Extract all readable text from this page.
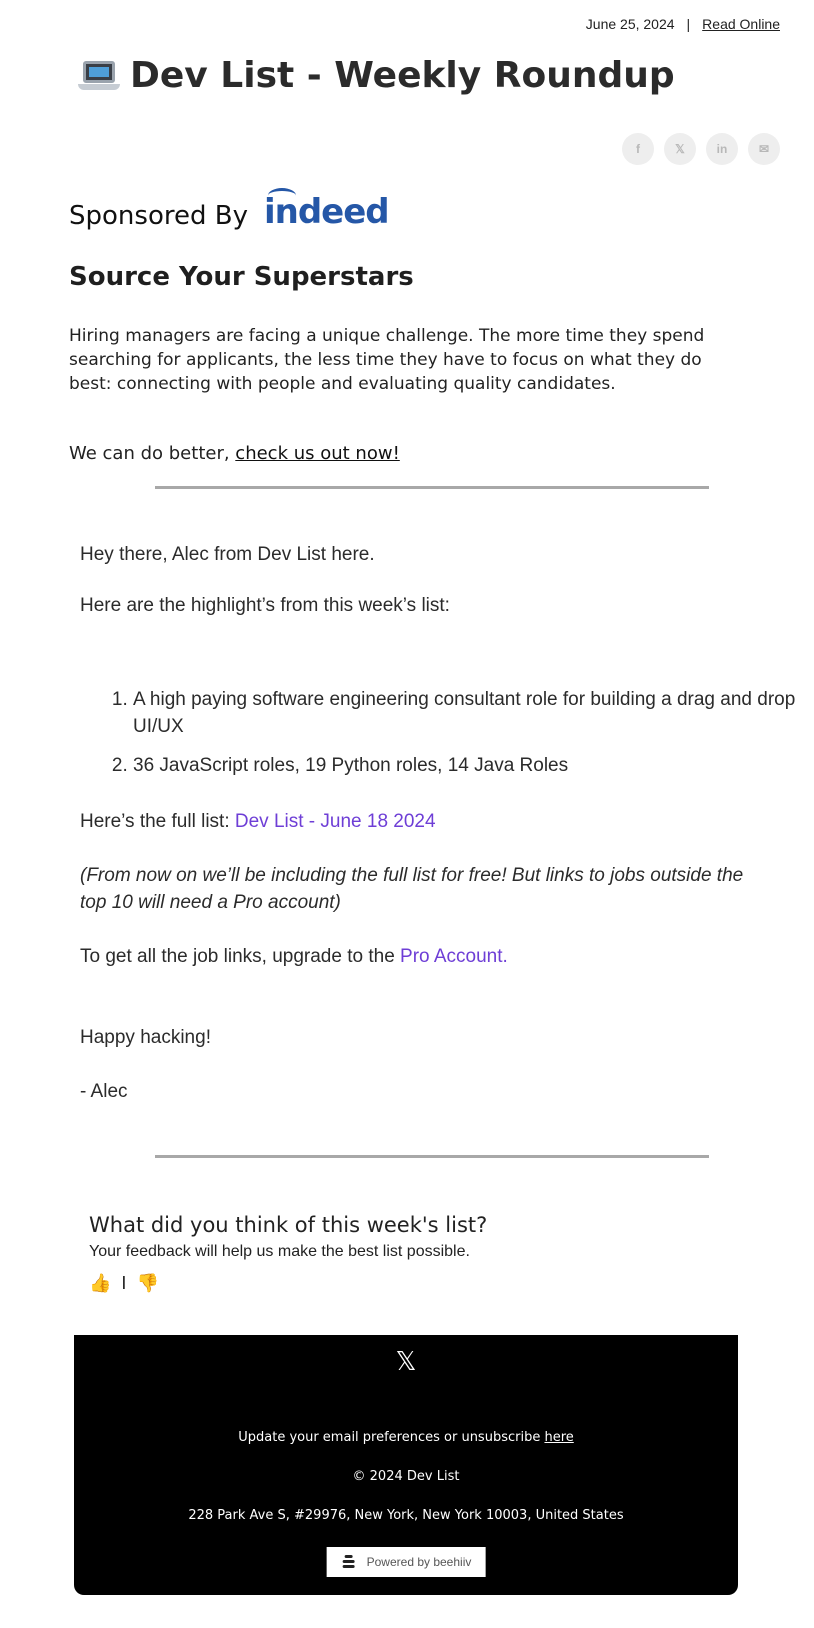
June 25, 2024 | Read Online
Dev List - Weekly Roundup
f	𝕏	in	✉
Sponsored By indeed
Source Your Superstars

Hiring managers are facing a unique challenge. The more time they spend searching for applicants, the less time they have to focus on what they do best: connecting with people and evaluating quality candidates.

We can do better, check us out now!

Hey there, Alec from Dev List here.

Here are the highlight’s from this week’s list:

1. A high paying software engineering consultant role for building a drag and drop UI/UX
2. 36 JavaScript roles, 19 Python roles, 14 Java Roles

Here’s the full list: Dev List - June 18 2024

(From now on we’ll be including the full list for free! But links to jobs outside the top 10 will need a Pro account)

To get all the job links, upgrade to the Pro Account.

Happy hacking!

- Alec

What did you think of this week's list?

Your feedback will help us make the best list possible.

👍 I 👎
𝕏
Update your email preferences or unsubscribe here
© 2024 Dev List
228 Park Ave S, #29976, New York, New York 10003, United States
Powered by beehiiv
